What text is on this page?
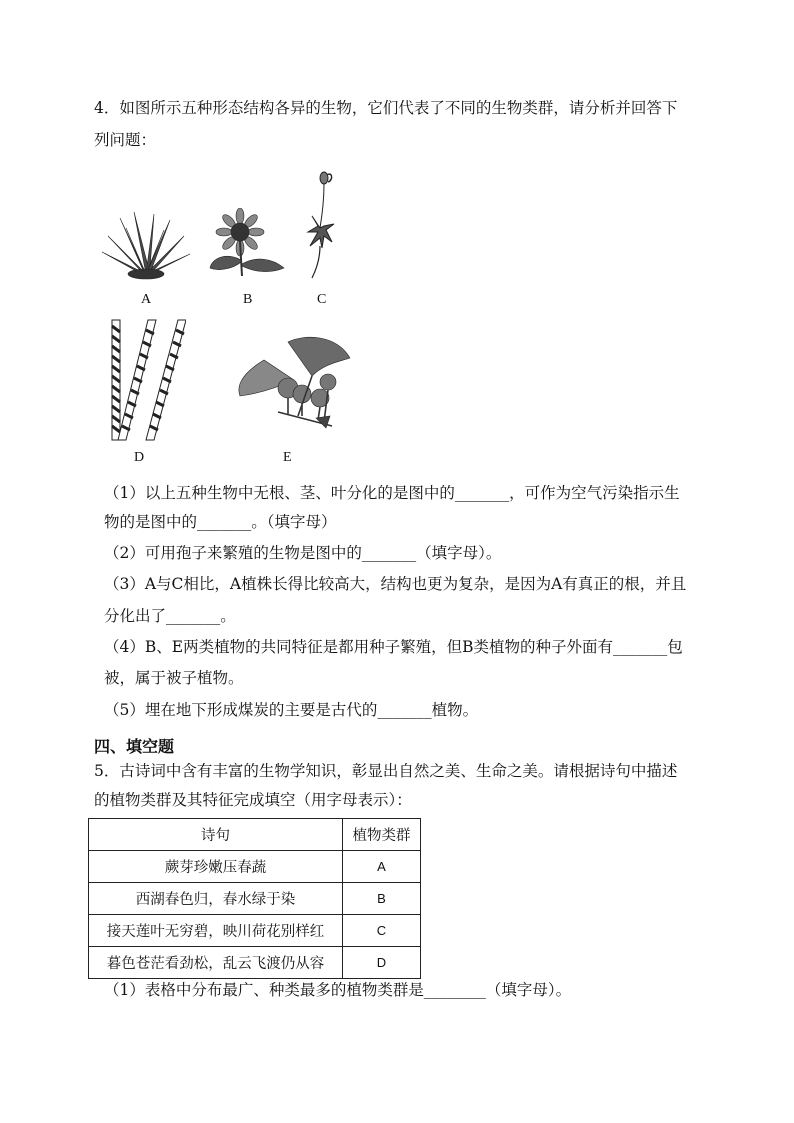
4．如图所示五种形态结构各异的生物，它们代表了不同的生物类群，请分析并回答下
列问题：
A	B	C
D	E
（1）以上五种生物中无根、茎、叶分化的是图中的_______，可作为空气污染指示生
物的是图中的_______。（填字母）
（2）可用孢子来繁殖的生物是图中的_______（填字母）。
（3）A与C相比，A植株长得比较高大，结构也更为复杂，是因为A有真正的根，并且
分化出了_______。
（4）B、E两类植物的共同特征是都用种子繁殖，但B类植物的种子外面有_______包
被，属于被子植物。
（5）埋在地下形成煤炭的主要是古代的_______植物。
四、填空题
5．古诗词中含有丰富的生物学知识，彰显出自然之美、生命之美。请根据诗句中描述
的植物类群及其特征完成填空（用字母表示）：
诗句	植物类群
蕨芽珍嫩压春蔬	A
西湖春色归，春水绿于染	B
接天莲叶无穷碧，映川荷花别样红	C
暮色苍茫看劲松，乱云飞渡仍从容	D
（1）表格中分布最广、种类最多的植物类群是________（填字母）。
